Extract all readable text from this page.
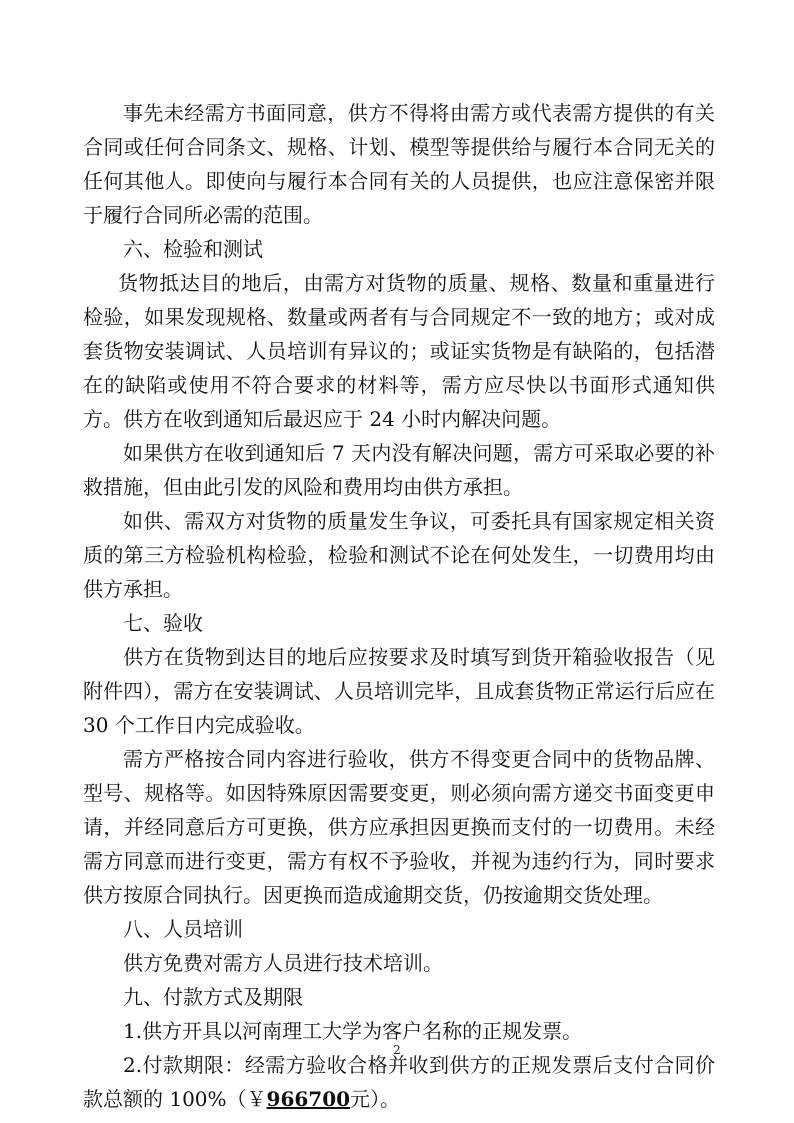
事先未经需方书面同意，供方不得将由需方或代表需方提供的有关合同或任何合同条文、规格、计划、模型等提供给与履行本合同无关的任何其他人。即使向与履行本合同有关的人员提供，也应注意保密并限于履行合同所必需的范围。

六、检验和测试

货物抵达目的地后，由需方对货物的质量、规格、数量和重量进行检验，如果发现规格、数量或两者有与合同规定不一致的地方；或对成套货物安装调试、人员培训有异议的；或证实货物是有缺陷的，包括潜在的缺陷或使用不符合要求的材料等，需方应尽快以书面形式通知供方。供方在收到通知后最迟应于 24 小时内解决问题。

如果供方在收到通知后 7 天内没有解决问题，需方可采取必要的补救措施，但由此引发的风险和费用均由供方承担。

如供、需双方对货物的质量发生争议，可委托具有国家规定相关资质的第三方检验机构检验，检验和测试不论在何处发生，一切费用均由供方承担。

七、验收

供方在货物到达目的地后应按要求及时填写到货开箱验收报告（见附件四），需方在安装调试、人员培训完毕，且成套货物正常运行后应在 30 个工作日内完成验收。

需方严格按合同内容进行验收，供方不得变更合同中的货物品牌、型号、规格等。如因特殊原因需要变更，则必须向需方递交书面变更申请，并经同意后方可更换，供方应承担因更换而支付的一切费用。未经需方同意而进行变更，需方有权不予验收，并视为违约行为，同时要求供方按原合同执行。因更换而造成逾期交货，仍按逾期交货处理。

八、人员培训

供方免费对需方人员进行技术培训。

九、付款方式及期限

1.供方开具以河南理工大学为客户名称的正规发票。

2.付款期限：经需方验收合格并收到供方的正规发票后支付合同价款总额的 100%（￥966700元）。

2
